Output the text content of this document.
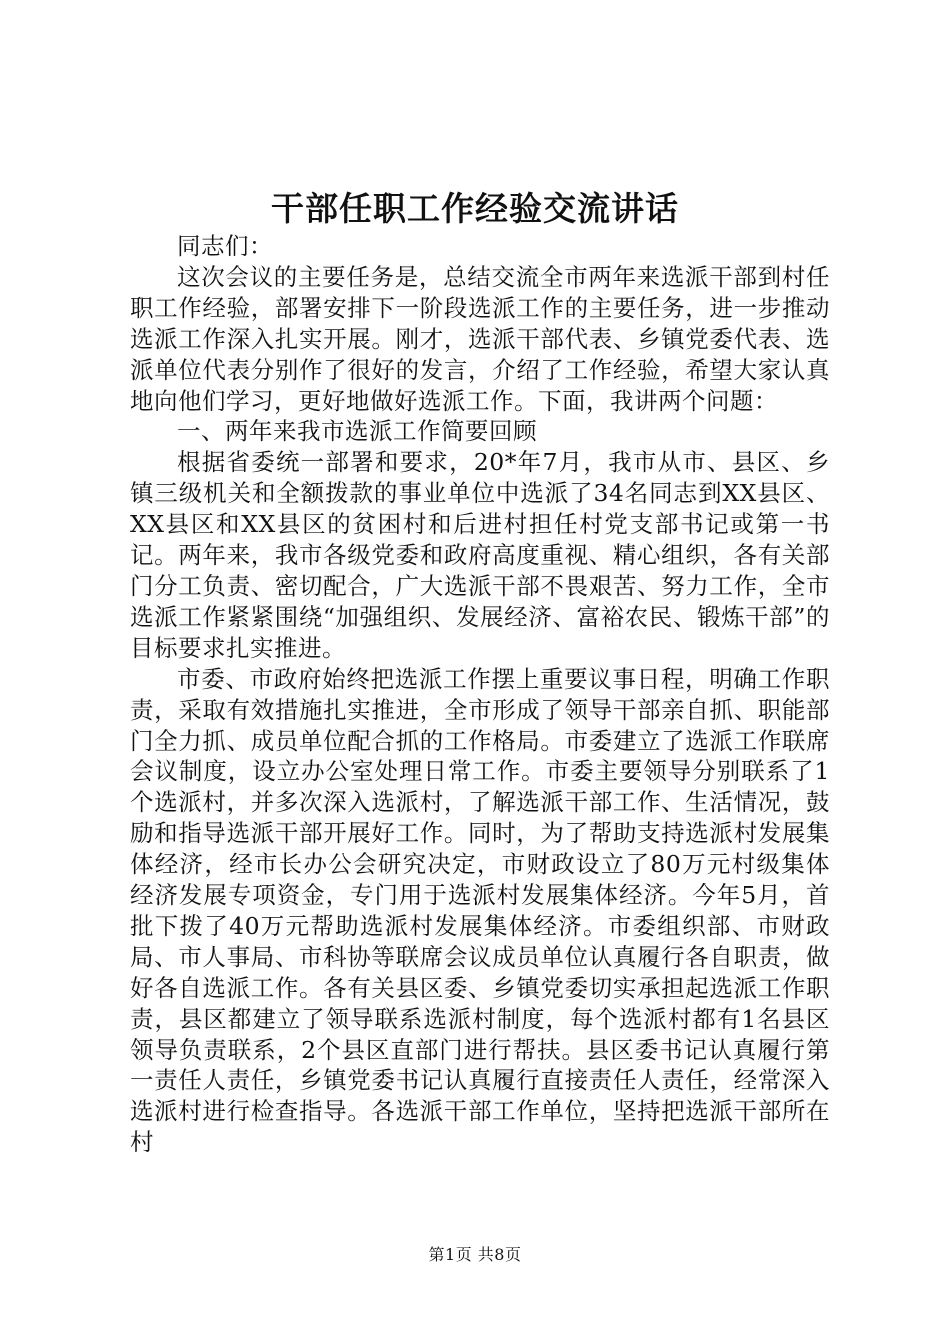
干部任职工作经验交流讲话

同志们：

这次会议的主要任务是，总结交流全市两年来选派干部到村任职工作经验，部署安排下一阶段选派工作的主要任务，进一步推动选派工作深入扎实开展。刚才，选派干部代表、乡镇党委代表、选派单位代表分别作了很好的发言，介绍了工作经验，希望大家认真地向他们学习，更好地做好选派工作。下面，我讲两个问题：

一、两年来我市选派工作简要回顾

根据省委统一部署和要求，20*年7月，我市从市、县区、乡镇三级机关和全额拨款的事业单位中选派了34名同志到XX县区、XX县区和XX县区的贫困村和后进村担任村党支部书记或第一书记。两年来，我市各级党委和政府高度重视、精心组织，各有关部门分工负责、密切配合，广大选派干部不畏艰苦、努力工作，全市选派工作紧紧围绕“加强组织、发展经济、富裕农民、锻炼干部”的目标要求扎实推进。

市委、市政府始终把选派工作摆上重要议事日程，明确工作职责，采取有效措施扎实推进，全市形成了领导干部亲自抓、职能部门全力抓、成员单位配合抓的工作格局。市委建立了选派工作联席会议制度，设立办公室处理日常工作。市委主要领导分别联系了1个选派村，并多次深入选派村，了解选派干部工作、生活情况，鼓励和指导选派干部开展好工作。同时，为了帮助支持选派村发展集体经济，经市长办公会研究决定，市财政设立了80万元村级集体经济发展专项资金，专门用于选派村发展集体经济。今年5月，首批下拨了40万元帮助选派村发展集体经济。市委组织部、市财政局、市人事局、市科协等联席会议成员单位认真履行各自职责，做好各自选派工作。各有关县区委、乡镇党委切实承担起选派工作职责，县区都建立了领导联系选派村制度，每个选派村都有1名县区领导负责联系，2个县区直部门进行帮扶。县区委书记认真履行第一责任人责任，乡镇党委书记认真履行直接责任人责任，经常深入选派村进行检查指导。各选派干部工作单位，坚持把选派干部所在村

第1页 共8页
